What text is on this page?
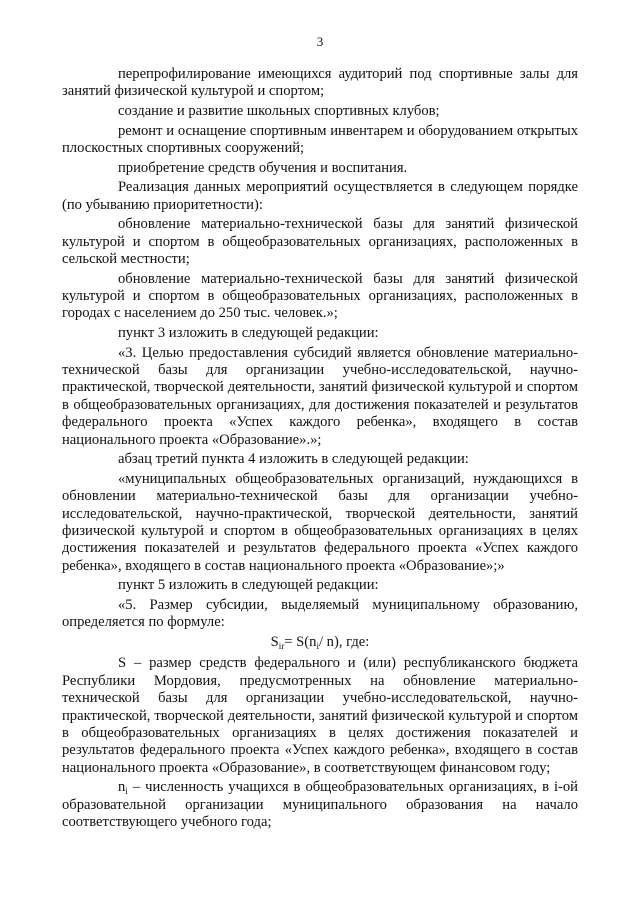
3

перепрофилирование имеющихся аудиторий под спортивные залы для занятий физической культурой и спортом;

создание и развитие школьных спортивных клубов;

ремонт и оснащение спортивным инвентарем и оборудованием открытых плоскостных спортивных сооружений;

приобретение средств обучения и воспитания.

Реализация данных мероприятий осуществляется в следующем порядке (по убыванию приоритетности):

обновление материально-технической базы для занятий физической культурой и спортом в общеобразовательных организациях, расположенных в сельской местности;

обновление материально-технической базы для занятий физической культурой и спортом в общеобразовательных организациях, расположенных в городах с населением до 250 тыс. человек.»;

пункт 3 изложить в следующей редакции:

«3. Целью предоставления субсидий является обновление материально-технической базы для организации учебно-исследовательской, научно-практической, творческой деятельности, занятий физической культурой и спортом в общеобразовательных организациях, для достижения показателей и результатов федерального проекта «Успех каждого ребенка», входящего в состав национального проекта «Образование».»;

абзац третий пункта 4 изложить в следующей редакции:

«муниципальных общеобразовательных организаций, нуждающихся в обновлении материально-технической базы для организации учебно-исследовательской, научно-практической, творческой деятельности, занятий физической культурой и спортом в общеобразовательных организациях в целях достижения показателей и результатов федерального проекта «Успех каждого ребенка», входящего в состав национального проекта «Образование»;»

пункт 5 изложить в следующей редакции:

«5. Размер субсидии, выделяемый муниципальному образованию, определяется по формуле:

$S_{ir}= S(n_i/$ n), где:

S – размер средств федерального и (или) республиканского бюджета Республики Мордовия, предусмотренных на обновление материально-технической базы для организации учебно-исследовательской, научно-практической, творческой деятельности, занятий физической культурой и спортом в общеобразовательных организациях в целях достижения показателей и результатов федерального проекта «Успех каждого ребенка», входящего в состав национального проекта «Образование», в соответствующем финансовом году;

$n_i$ – численность учащихся в общеобразовательных организациях, в i-ой образовательной организации муниципального образования на начало соответствующего учебного года;
